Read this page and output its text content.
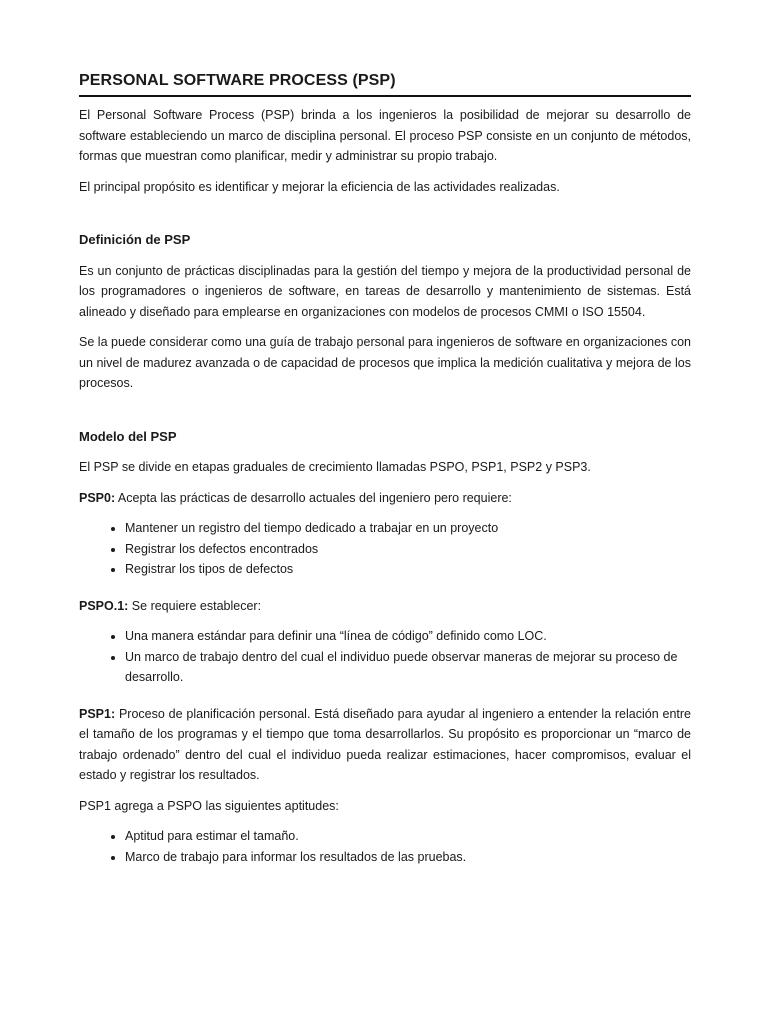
PERSONAL SOFTWARE PROCESS (PSP)

El Personal Software Process (PSP) brinda a los ingenieros la posibilidad de mejorar su desarrollo de software estableciendo un marco de disciplina personal. El proceso PSP consiste en un conjunto de métodos, formas que muestran como planificar, medir y administrar su propio trabajo.

El principal propósito es identificar y mejorar la eficiencia de las actividades realizadas.

Definición de PSP

Es un conjunto de prácticas disciplinadas para la gestión del tiempo y mejora de la productividad personal de los programadores o ingenieros de software, en tareas de desarrollo y mantenimiento de sistemas. Está alineado y diseñado para emplearse en organizaciones con modelos de procesos CMMI o ISO 15504.

Se la puede considerar como una guía de trabajo personal para ingenieros de software en organizaciones con un nivel de madurez avanzada o de capacidad de procesos que implica la medición cualitativa y mejora de los procesos.

Modelo del PSP

El PSP se divide en etapas graduales de crecimiento llamadas PSPO, PSP1, PSP2 y PSP3.

PSP0: Acepta las prácticas de desarrollo actuales del ingeniero pero requiere:

• Mantener un registro del tiempo dedicado a trabajar en un proyecto
• Registrar los defectos encontrados
• Registrar los tipos de defectos

PSPO.1: Se requiere establecer:

• Una manera estándar para definir una “línea de código” definido como LOC.
• Un marco de trabajo dentro del cual el individuo puede observar maneras de mejorar su proceso de desarrollo.

PSP1: Proceso de planificación personal. Está diseñado para ayudar al ingeniero a entender la relación entre el tamaño de los programas y el tiempo que toma desarrollarlos. Su propósito es proporcionar un “marco de trabajo ordenado” dentro del cual el individuo pueda realizar estimaciones, hacer compromisos, evaluar el estado y registrar los resultados.

PSP1 agrega a PSPO las siguientes aptitudes:

• Aptitud para estimar el tamaño.
• Marco de trabajo para informar los resultados de las pruebas.
